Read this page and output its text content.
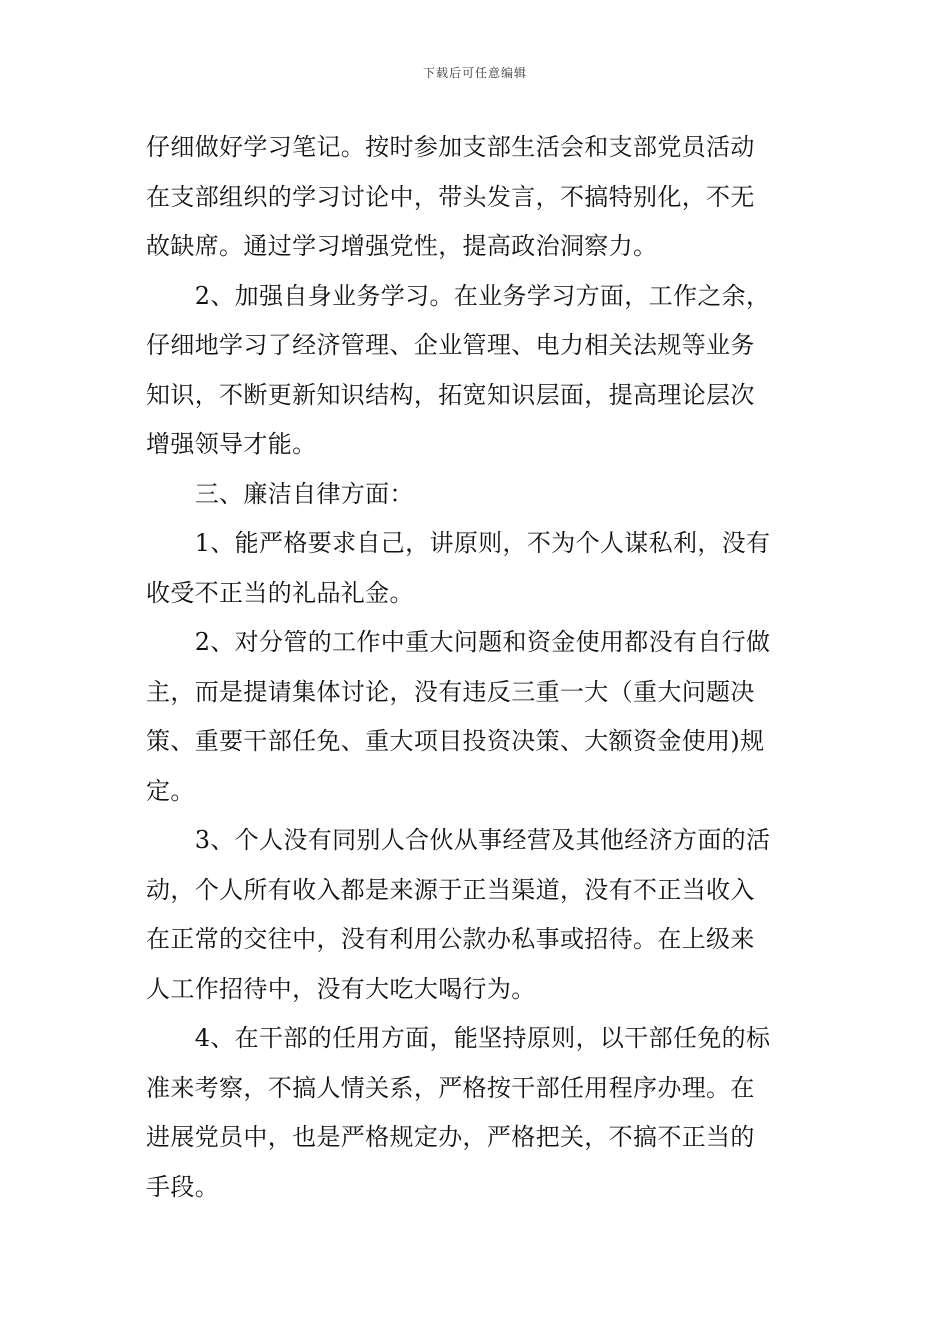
下载后可任意编辑
仔细做好学习笔记。按时参加支部生活会和支部党员活动
在支部组织的学习讨论中，带头发言，不搞特别化，不无
故缺席。通过学习增强党性，提高政治洞察力。
　　2、加强自身业务学习。在业务学习方面，工作之余，
仔细地学习了经济管理、企业管理、电力相关法规等业务
知识，不断更新知识结构，拓宽知识层面，提高理论层次
增强领导才能。
　　三、廉洁自律方面：
　　1、能严格要求自己，讲原则，不为个人谋私利，没有
收受不正当的礼品礼金。
　　2、对分管的工作中重大问题和资金使用都没有自行做
主，而是提请集体讨论，没有违反三重一大（重大问题决
策、重要干部任免、重大项目投资决策、大额资金使用)规
定。
　　3、个人没有同别人合伙从事经营及其他经济方面的活
动，个人所有收入都是来源于正当渠道，没有不正当收入
在正常的交往中，没有利用公款办私事或招待。在上级来
人工作招待中，没有大吃大喝行为。
　　4、在干部的任用方面，能坚持原则，以干部任免的标
准来考察，不搞人情关系，严格按干部任用程序办理。在
进展党员中，也是严格规定办，严格把关，不搞不正当的
手段。
